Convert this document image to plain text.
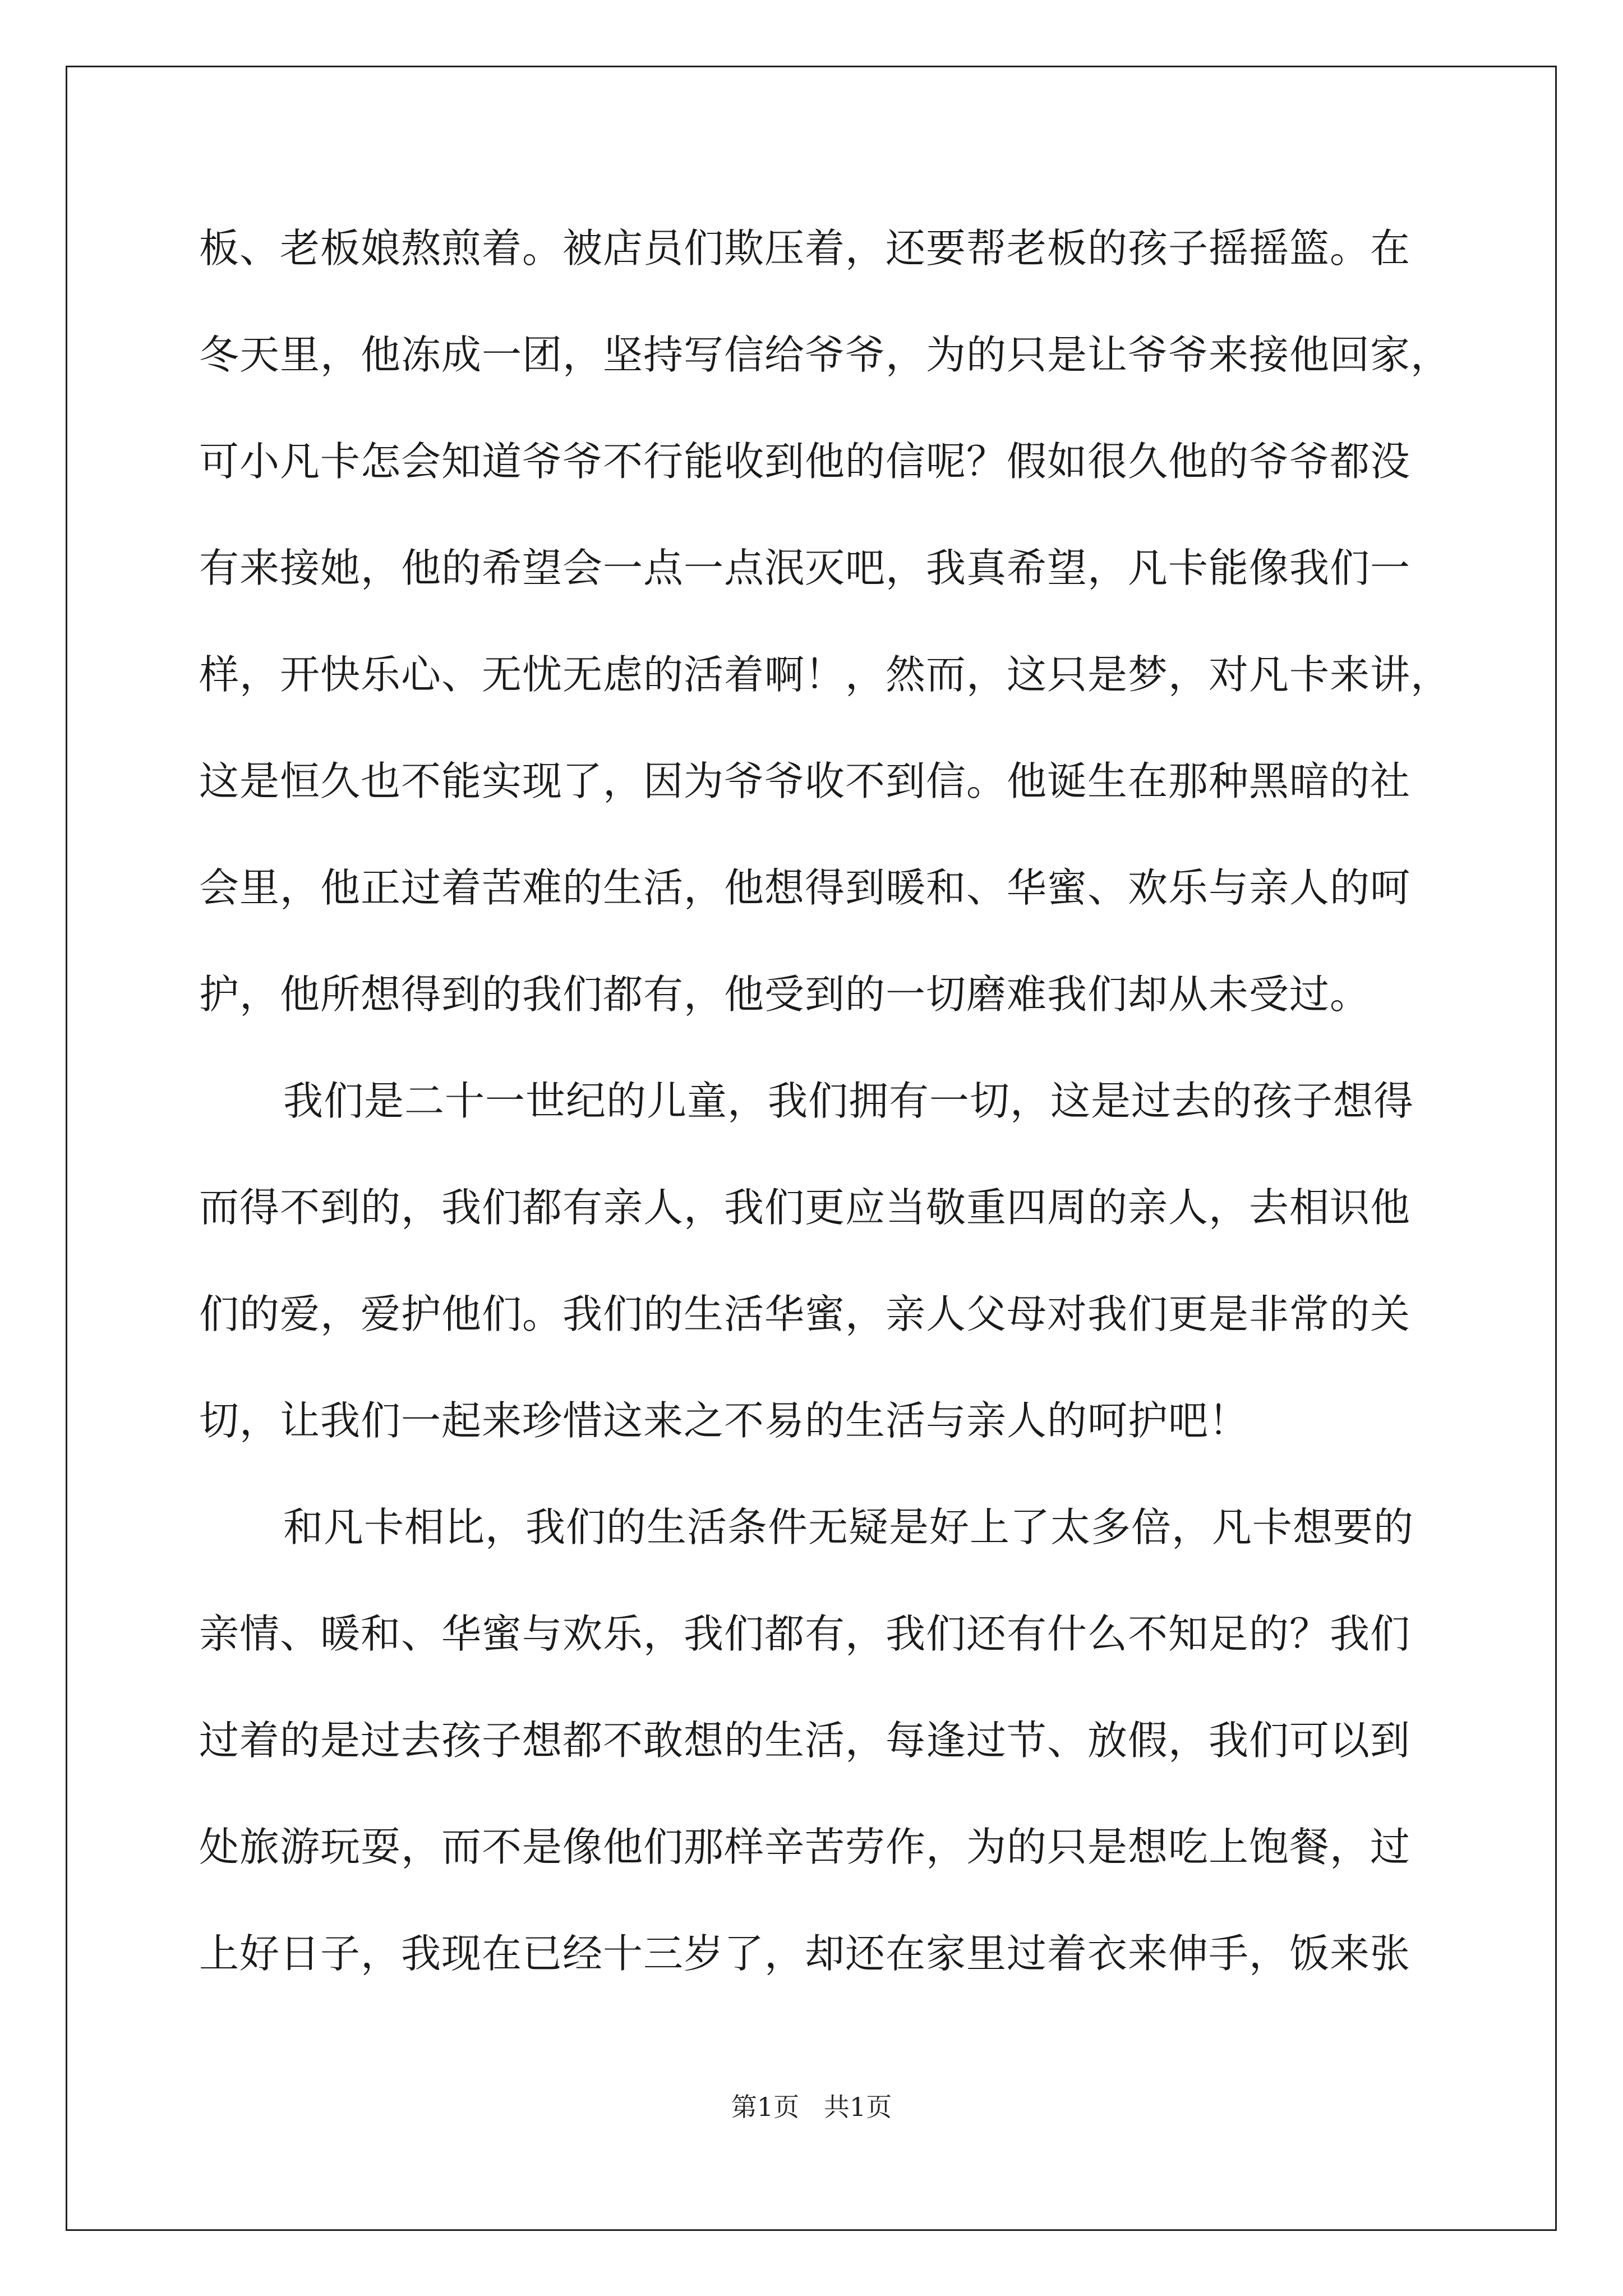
板、老板娘熬煎着。被店员们欺压着，还要帮老板的孩子摇摇篮。在
冬天里，他冻成一团，坚持写信给爷爷，为的只是让爷爷来接他回家，
可小凡卡怎会知道爷爷不行能收到他的信呢？假如很久他的爷爷都没
有来接她，他的希望会一点一点泯灭吧，我真希望，凡卡能像我们一
样，开快乐心、无忧无虑的活着啊！，然而，这只是梦，对凡卡来讲，
这是恒久也不能实现了，因为爷爷收不到信。他诞生在那种黑暗的社
会里，他正过着苦难的生活，他想得到暖和、华蜜、欢乐与亲人的呵
护，他所想得到的我们都有，他受到的一切磨难我们却从未受过。
我们是二十一世纪的儿童，我们拥有一切，这是过去的孩子想得
而得不到的，我们都有亲人，我们更应当敬重四周的亲人，去相识他
们的爱，爱护他们。我们的生活华蜜，亲人父母对我们更是非常的关
切，让我们一起来珍惜这来之不易的生活与亲人的呵护吧！
和凡卡相比，我们的生活条件无疑是好上了太多倍，凡卡想要的
亲情、暖和、华蜜与欢乐，我们都有，我们还有什么不知足的？我们
过着的是过去孩子想都不敢想的生活，每逢过节、放假，我们可以到
处旅游玩耍，而不是像他们那样辛苦劳作，为的只是想吃上饱餐，过
上好日子，我现在已经十三岁了，却还在家里过着衣来伸手，饭来张
第1页   共1页
